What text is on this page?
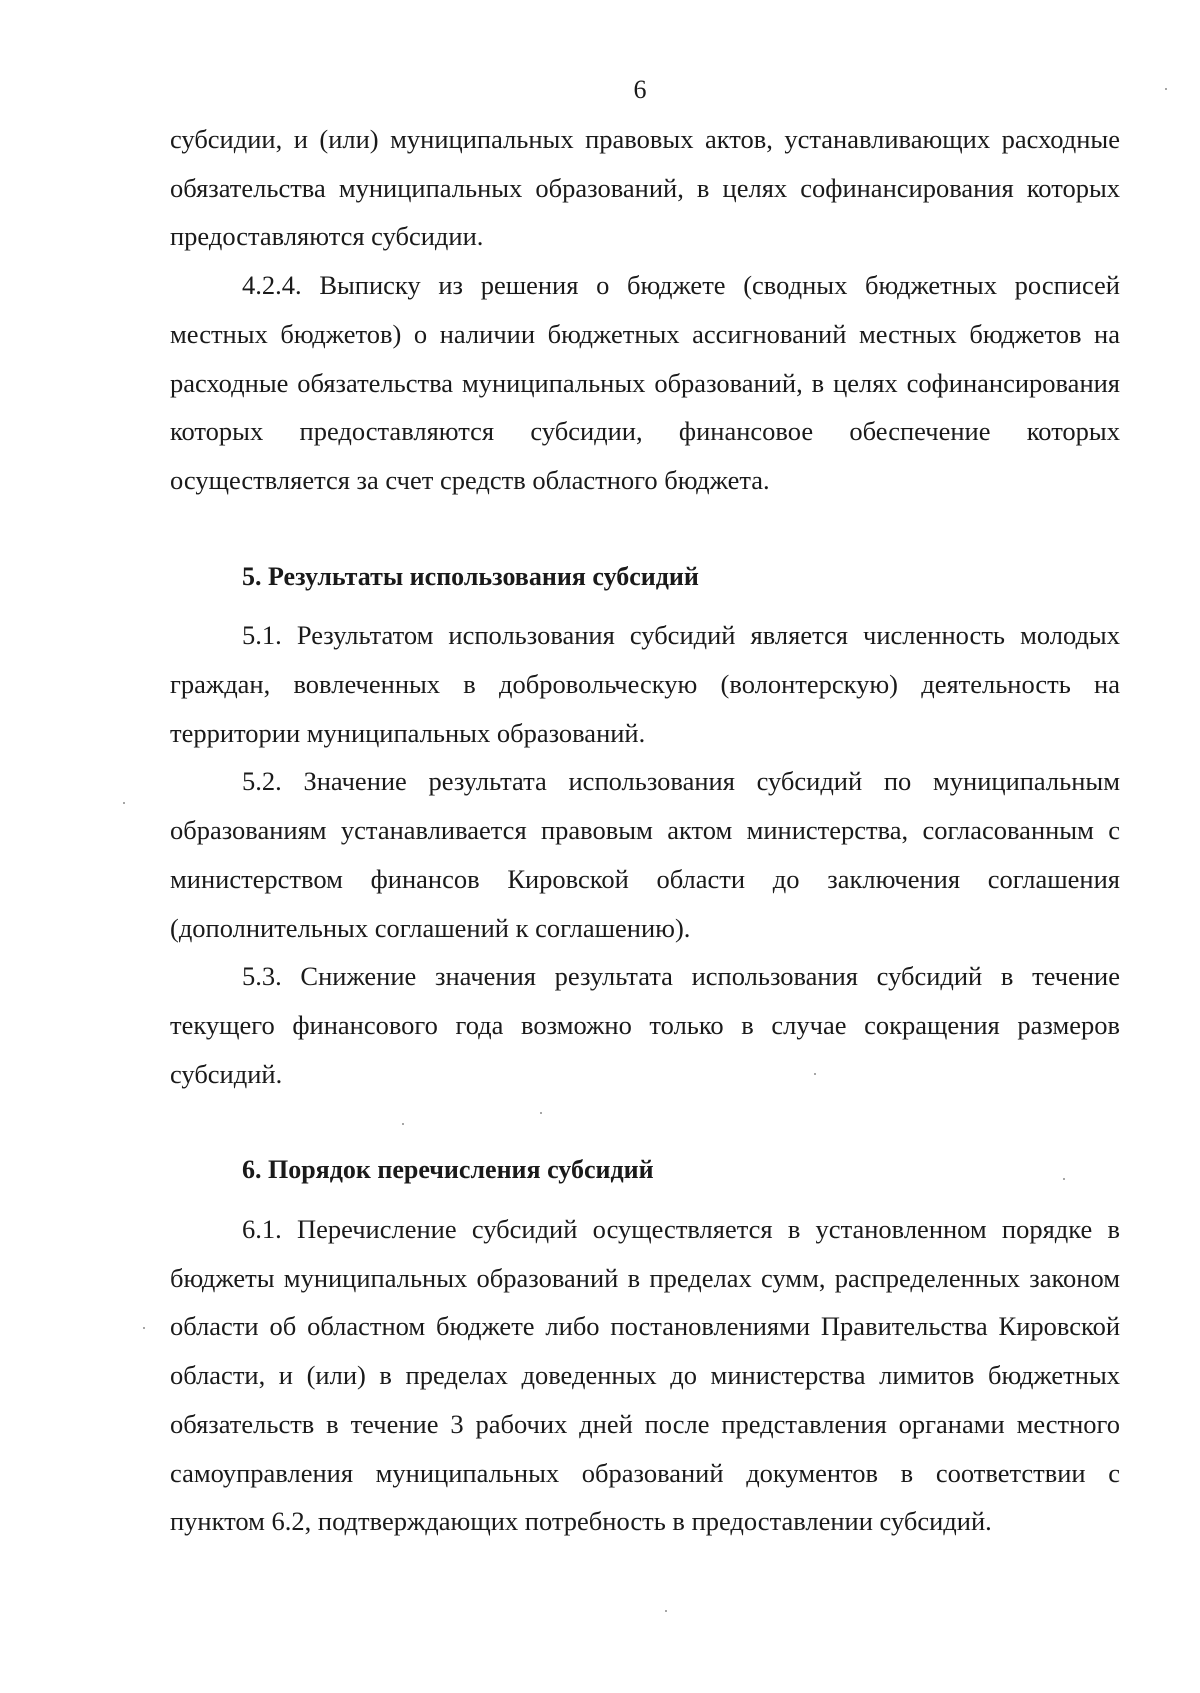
6

субсидии, и (или) муниципальных правовых актов, устанавливающих расходные обязательства муниципальных образований, в целях софинансирования которых предоставляются субсидии.

4.2.4. Выписку из решения о бюджете (сводных бюджетных росписей местных бюджетов) о наличии бюджетных ассигнований местных бюджетов на расходные обязательства муниципальных образований, в целях софинансирования которых предоставляются субсидии, финансовое обеспечение которых осуществляется за счет средств областного бюджета.

5. Результаты использования субсидий

5.1. Результатом использования субсидий является численность молодых граждан, вовлеченных в добровольческую (волонтерскую) деятельность на территории муниципальных образований.

5.2. Значение результата использования субсидий по муниципальным образованиям устанавливается правовым актом министерства, согласованным с министерством финансов Кировской области до заключения соглашения (дополнительных соглашений к соглашению).

5.3. Снижение значения результата использования субсидий в течение текущего финансового года возможно только в случае сокращения размеров субсидий.

6. Порядок перечисления субсидий

6.1. Перечисление субсидий осуществляется в установленном порядке в бюджеты муниципальных образований в пределах сумм, распределенных законом области об областном бюджете либо постановлениями Правительства Кировской области, и (или) в пределах доведенных до министерства лимитов бюджетных обязательств в течение 3 рабочих дней после представления органами местного самоуправления муниципальных образований документов в соответствии с пунктом 6.2, подтверждающих потребность в предоставлении субсидий.
